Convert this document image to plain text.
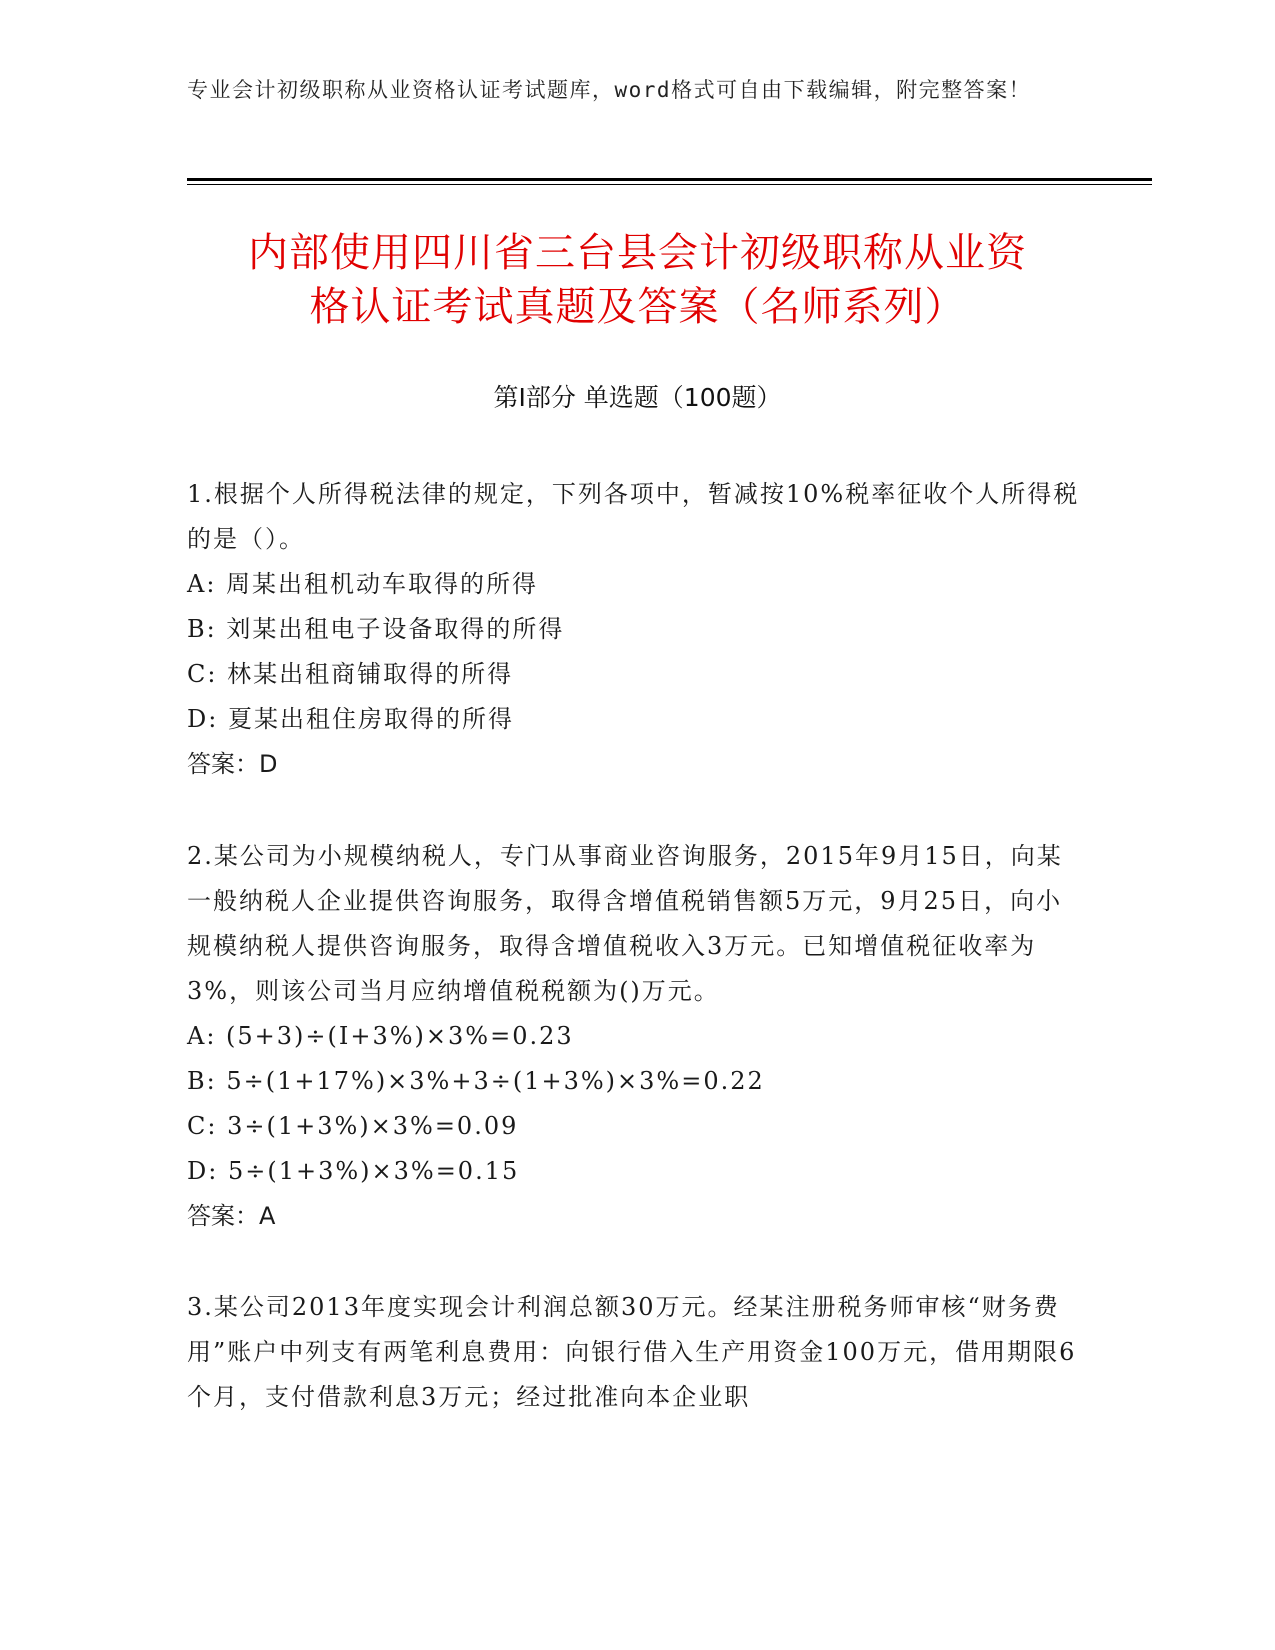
专业会计初级职称从业资格认证考试题库，word格式可自由下载编辑，附完整答案！
内部使用四川省三台县会计初级职称从业资
格认证考试真题及答案（名师系列）
第Ⅰ部分 单选题（100题）

1.根据个人所得税法律的规定，下列各项中，暂减按10%税率征收个人所得税的是（）。

A: 周某出租机动车取得的所得

B: 刘某出租电子设备取得的所得

C: 林某出租商铺取得的所得

D: 夏某出租住房取得的所得

答案：D

2.某公司为小规模纳税人，专门从事商业咨询服务，2015年9月15日，向某一般纳税人企业提供咨询服务，取得含增值税销售额5万元，9月25日，向小规模纳税人提供咨询服务，取得含增值税收入3万元。已知增值税征收率为3%，则该公司当月应纳增值税税额为()万元。

A: (5+3)÷(I+3%)×3%=0.23

B: 5÷(1+17%)×3%+3÷(1+3%)×3%=0.22

C: 3÷(1+3%)×3%=0.09

D: 5÷(1+3%)×3%=0.15

答案：A

3.某公司2013年度实现会计利润总额30万元。经某注册税务师审核“财务费用”账户中列支有两笔利息费用：向银行借入生产用资金100万元，借用期限6个月，支付借款利息3万元；经过批准向本企业职
